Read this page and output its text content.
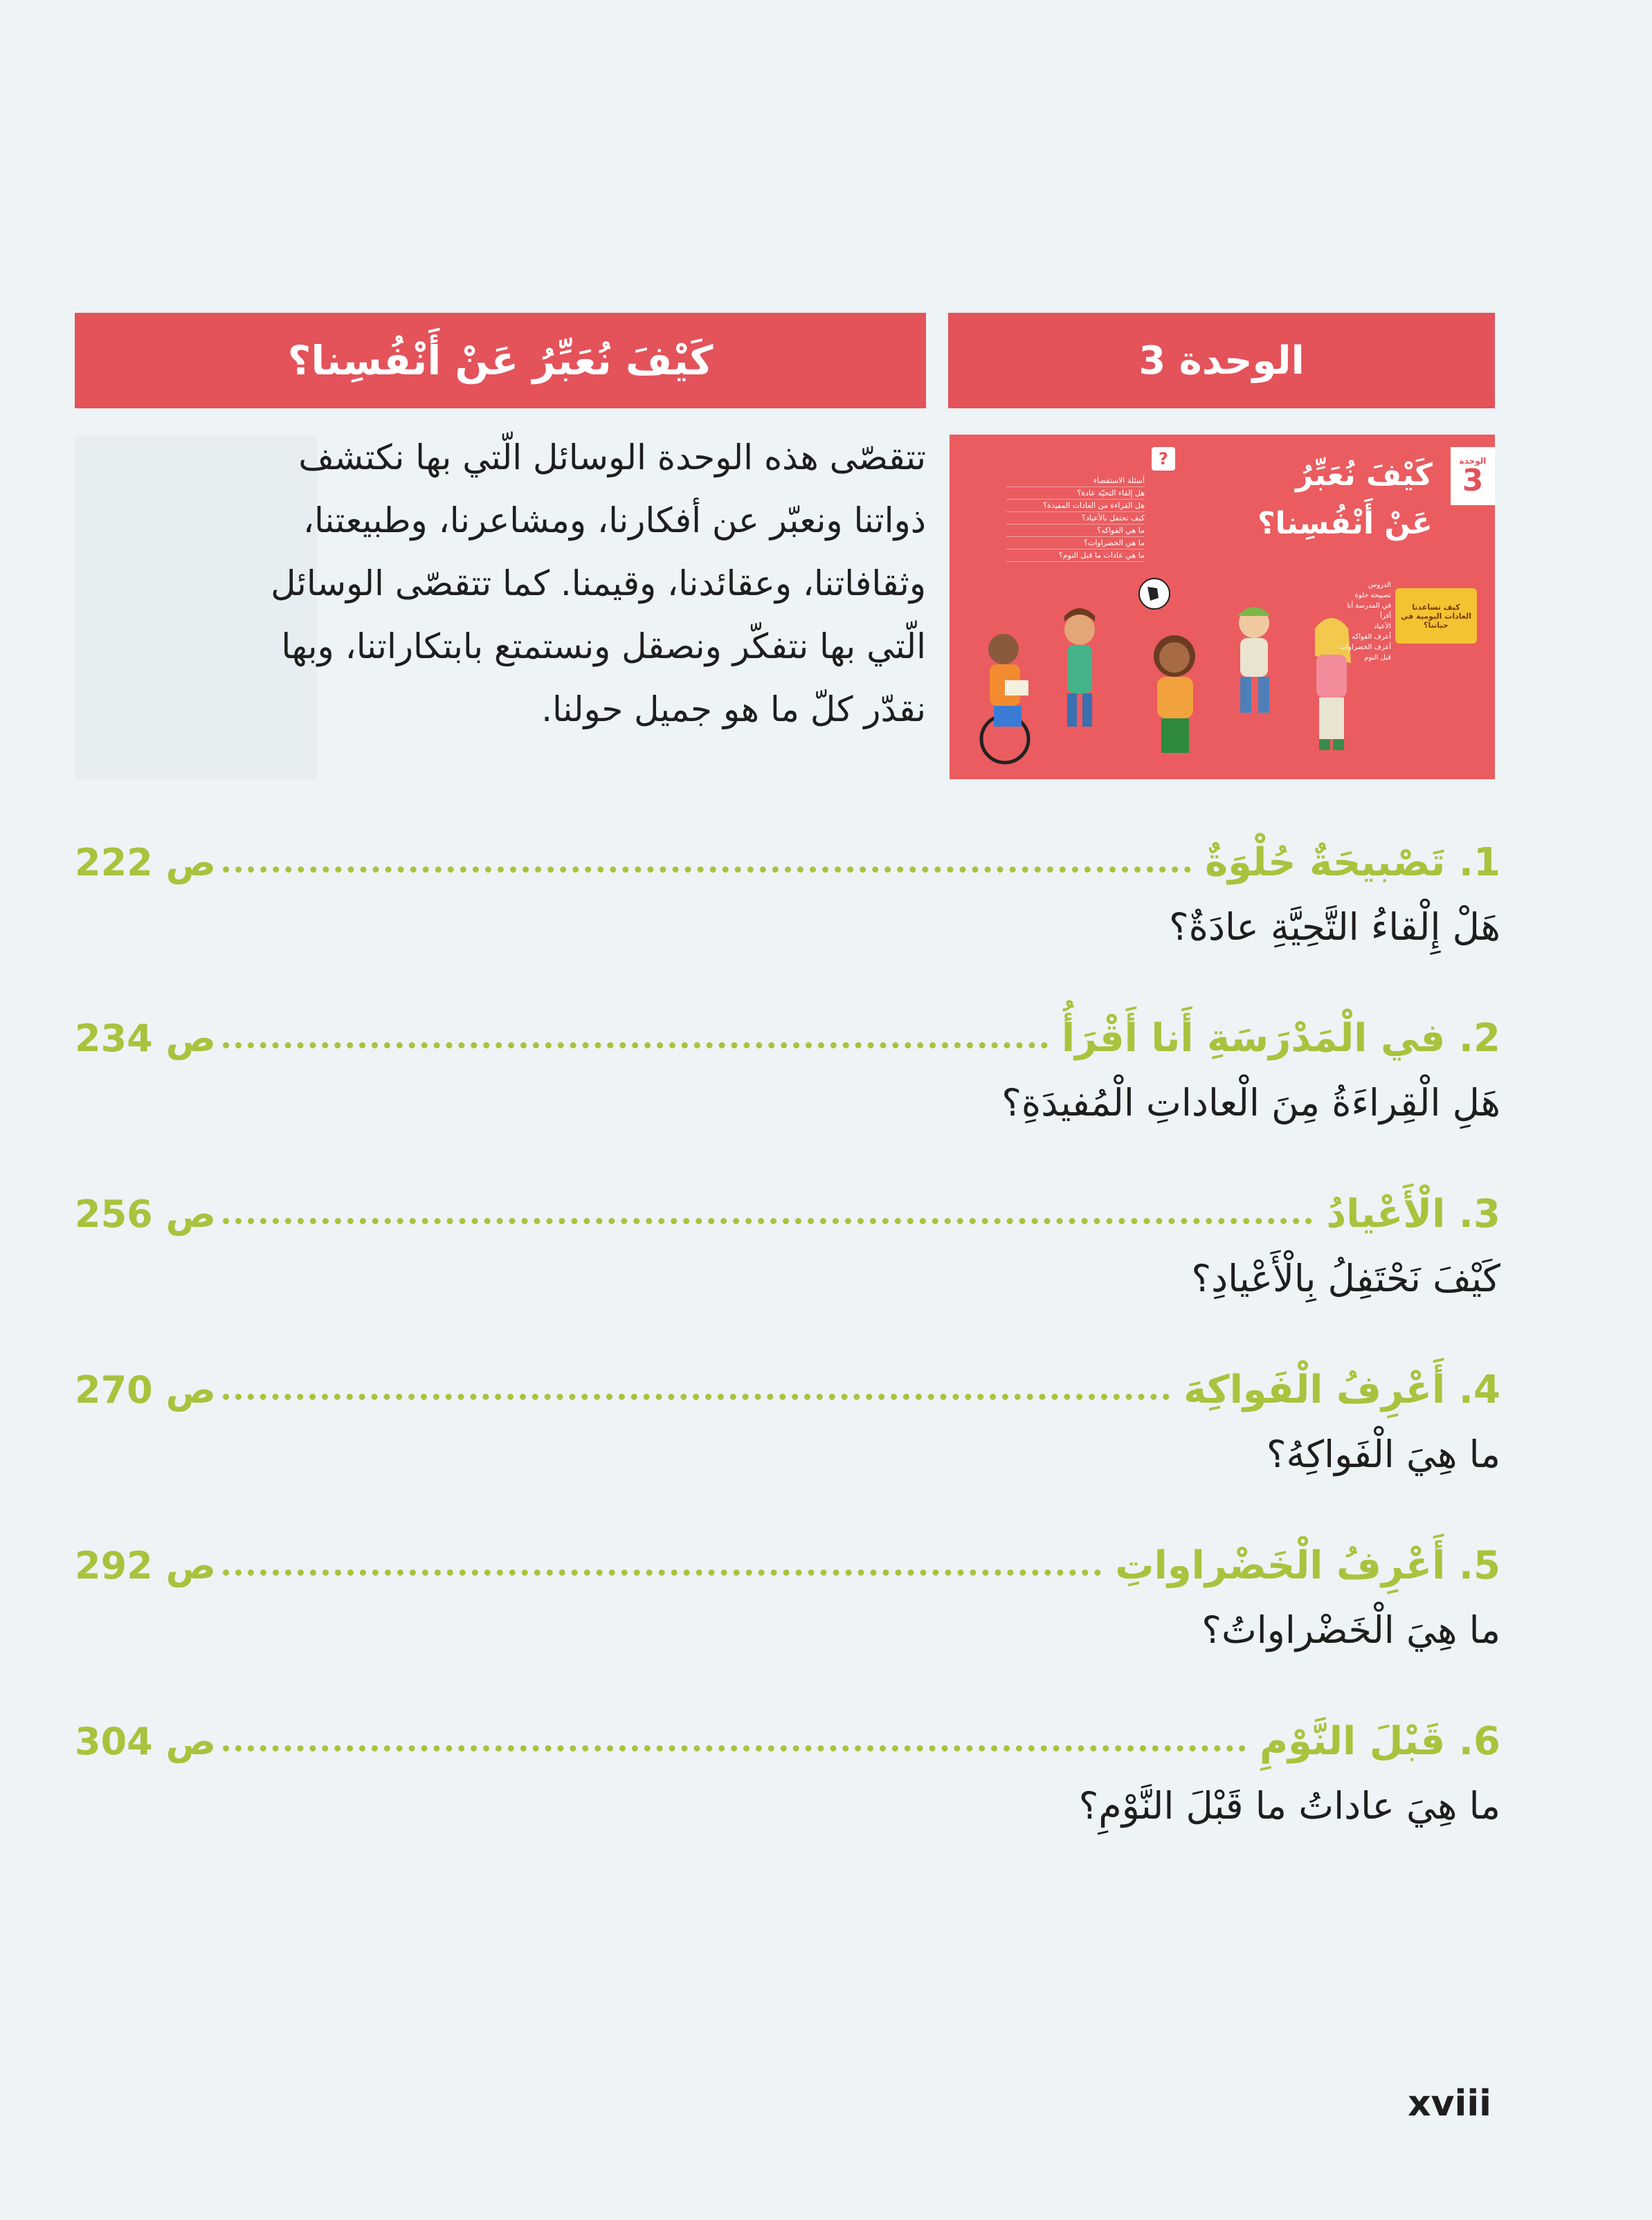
الوحدة 3
كَيْفَ نُعَبِّرُ عَنْ أَنْفُسِنا؟
الوحدة
3
كَيْفَ نُعَبِّرُ
عَنْ أَنْفُسِنا؟
?
أسئلة الاستقصاء
هل إلقاء التحيّة عادة؟
هل القراءة من العادات المفيدة؟
كيف نحتفل بالأعياد؟
ما هي الفواكه؟
ما هي الخضراوات؟
ما هي عادات ما قبل النوم؟
الدروس
تصبيحة حلوة
في المدرسة أنا أقرأ
الأعياد
أعرف الفواكه
أعرف الخضراوات
قبل النوم
كيف تساعدنا العادات اليومية في حياتنا؟
تتقصّى هذه الوحدة الوسائل الّتي بها نكتشف
ذواتنا ونعبّر عن أفكارنا، ومشاعرنا، وطبيعتنا،
وثقافاتنا، وعقائدنا، وقيمنا. كما تتقصّى الوسائل
الّتي بها نتفكّر ونصقل ونستمتع بابتكاراتنا، وبها
نقدّر كلّ ما هو جميل حولنا.
1. تَصْبيحَةٌ حُلْوَةٌ
ص 222
هَلْ إِلْقاءُ التَّحِيَّةِ عادَةٌ؟
2. في الْمَدْرَسَةِ أَنا أَقْرَأُ
ص 234
هَلِ الْقِراءَةُ مِنَ الْعاداتِ الْمُفيدَةِ؟
3. الْأَعْيادُ
ص 256
كَيْفَ نَحْتَفِلُ بِالْأَعْيادِ؟
4. أَعْرِفُ الْفَواكِهَ
ص 270
ما هِيَ الْفَواكِهُ؟
5. أَعْرِفُ الْخَضْراواتِ
ص 292
ما هِيَ الْخَضْراواتُ؟
6. قَبْلَ النَّوْمِ
ص 304
ما هِيَ عاداتُ ما قَبْلَ النَّوْمِ؟
xviii
